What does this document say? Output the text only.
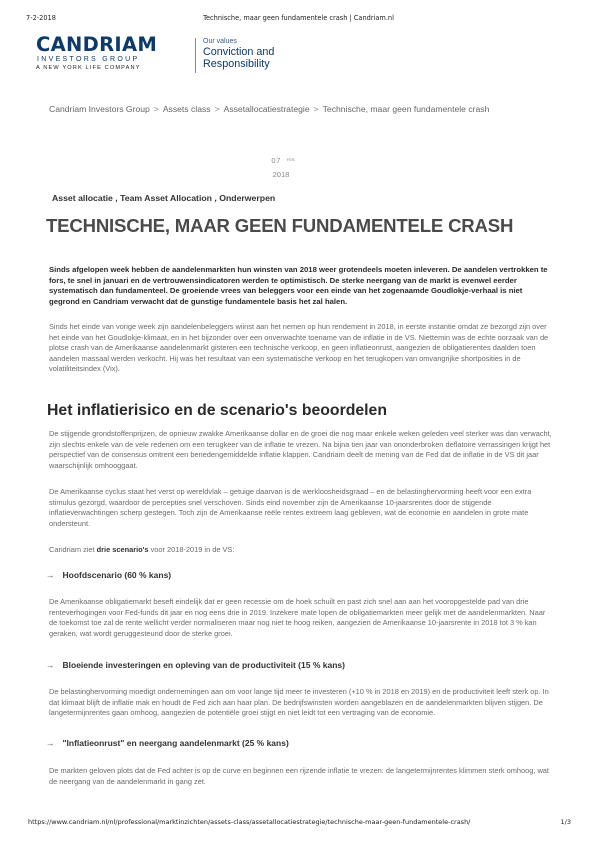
7-2-2018	Technische, maar geen fundamentele crash | Candriam.nl
CANDRIAM
INVESTORS GROUP
A NEW YORK LIFE COMPANY
Our values
Conviction and
Responsibility
Candriam Investors Group > Assets class > Assetallocatiestrategie > Technische, maar geen fundamentele crash
07 FEB
2018
Asset allocatie , Team Asset Allocation , Onderwerpen
TECHNISCHE, MAAR GEEN FUNDAMENTELE CRASH

Sinds afgelopen week hebben de aandelenmarkten hun winsten van 2018 weer grotendeels moeten inleveren. De aandelen vertrokken te fors, te snel in januari en de vertrouwensindicatoren werden te optimistisch. De sterke neergang van de markt is evenwel eerder systematisch dan fundamenteel. De groeiende vrees van beleggers voor een einde van het zogenaamde Goudlokje-verhaal is niet gegrond en Candriam verwacht dat de gunstige fundamentele basis het zal halen.

Sinds het einde van vorige week zijn aandelenbeleggers wiinst aan het nemen op hun rendement in 2018, in eerste instantie omdat ze bezorgd zijn over het einde van het Goudlokje-klimaat, en in het bijzonder over een onverwachte toename van de inflatie in de VS. Niettemin was de echte oorzaak van de plotse crash van de Amerikaanse aandelenmarkt gisteren een technische verkoop, en geen inflatieonrust, aangezien de obligatierentes daalden toen aandelen massaal werden verkocht. Hij was het resultaat van een systematische verkoop en het terugkopen van omvangrijke shortposities in de volatiliteitsindex (Vix).

Het inflatierisico en de scenario's beoordelen

De stijgende grondstoffenprijzen, de opnieuw zwakke Amerikaanse dollar en de groei die nog maar enkele weken geleden veel sterker was dan verwacht, zijn slechts enkele van de vele redenen om een terugkeer van de inflatie te vrezen. Na bijna tien jaar van ononderbroken deflatoire verrassingen krijgt het perspectief van de consensus omtrent een benedengemiddelde inflatie klappen. Candriam deelt de mening van de Fed dat de inflatie in de VS dit jaar waarschijnlijk omhooggaat.

De Amerikaanse cyclus staat het verst op wereldvlak – getuige daarvan is de werkloosheidsgraad – en de belastinghervorming heeft voor een extra stimulus gezorgd, waardoor de percepties snel verschoven. Sinds eind november zijn de Amerikaanse 10-jaarsrentes door de stijgende inflatieverwachtingen scherp gestegen. Toch zijn de Amerikaanse reële rentes extreem laag gebleven, wat de economie en aandelen in grote mate ondersteunt.

Candriam ziet drie scenario's voor 2018-2019 in de VS:

→ Hoofdscenario (60 % kans)

De Amerikaanse obligatiemarkt beseft eindelijk dat er geen recessie om de hoek schuilt en past zich snel aan aan het vooropgestelde pad van drie renteverhogingen voor Fed-funds dit jaar en nog eens drie in 2019. Inzekere mate lopen de obligatiemarkten meer gelijk met de aandelenmarkten. Naar de toekomst toe zal de rente wellicht verder normaliseren maar nog niet te hoog reiken, aangezien de Amerikaanse 10-jaarsrente in 2018 tot 3 % kan geraken, wat wordt geruggesteund door de sterke groei.

→ Bloeiende investeringen en opleving van de productiviteit (15 % kans)

De belastinghervorming moedigt ondernemingen aan om voor lange tijd meer te investeren (+10 % in 2018 en 2019) en de productiviteit leeft sterk op. In dat klimaat blijft de inflatie mak en houdt de Fed zich aan haar plan. De bedrijfswinsten worden aangeblazen en de aandelenmarkten blijven stijgen. De langetermijnrentes gaan omhoog, aangezien de potentiële groei stijgt en niet leidt tot een vertraging van de economie.

→ "Inflatieonrust" en neergang aandelenmarkt (25 % kans)

De markten geloven plots dat de Fed achter is op de curve en beginnen een rijzende inflatie te vrezen: de langetermijnrentes klimmen sterk omhoog, wat de neergang van de aandelenmarkt in gang zet.

https://www.candriam.nl/nl/professional/marktinzichten/assets-class/assetallocatiestrategie/technische-maar-geen-fundamentele-crash/	1/3
